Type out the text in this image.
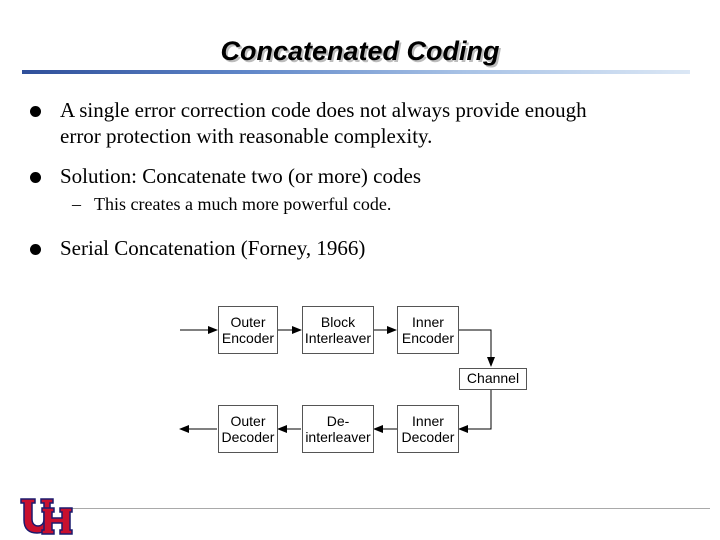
Concatenated Coding
A single error correction code does not always provide enough
error protection with reasonable complexity.
Solution: Concatenate two (or more) codes
– This creates a much more powerful code.
Serial Concatenation (Forney, 1966)
Outer
Encoder
Block
Interleaver
Inner
Encoder
Channel
Outer
Decoder
De-
interleaver
Inner
Decoder
